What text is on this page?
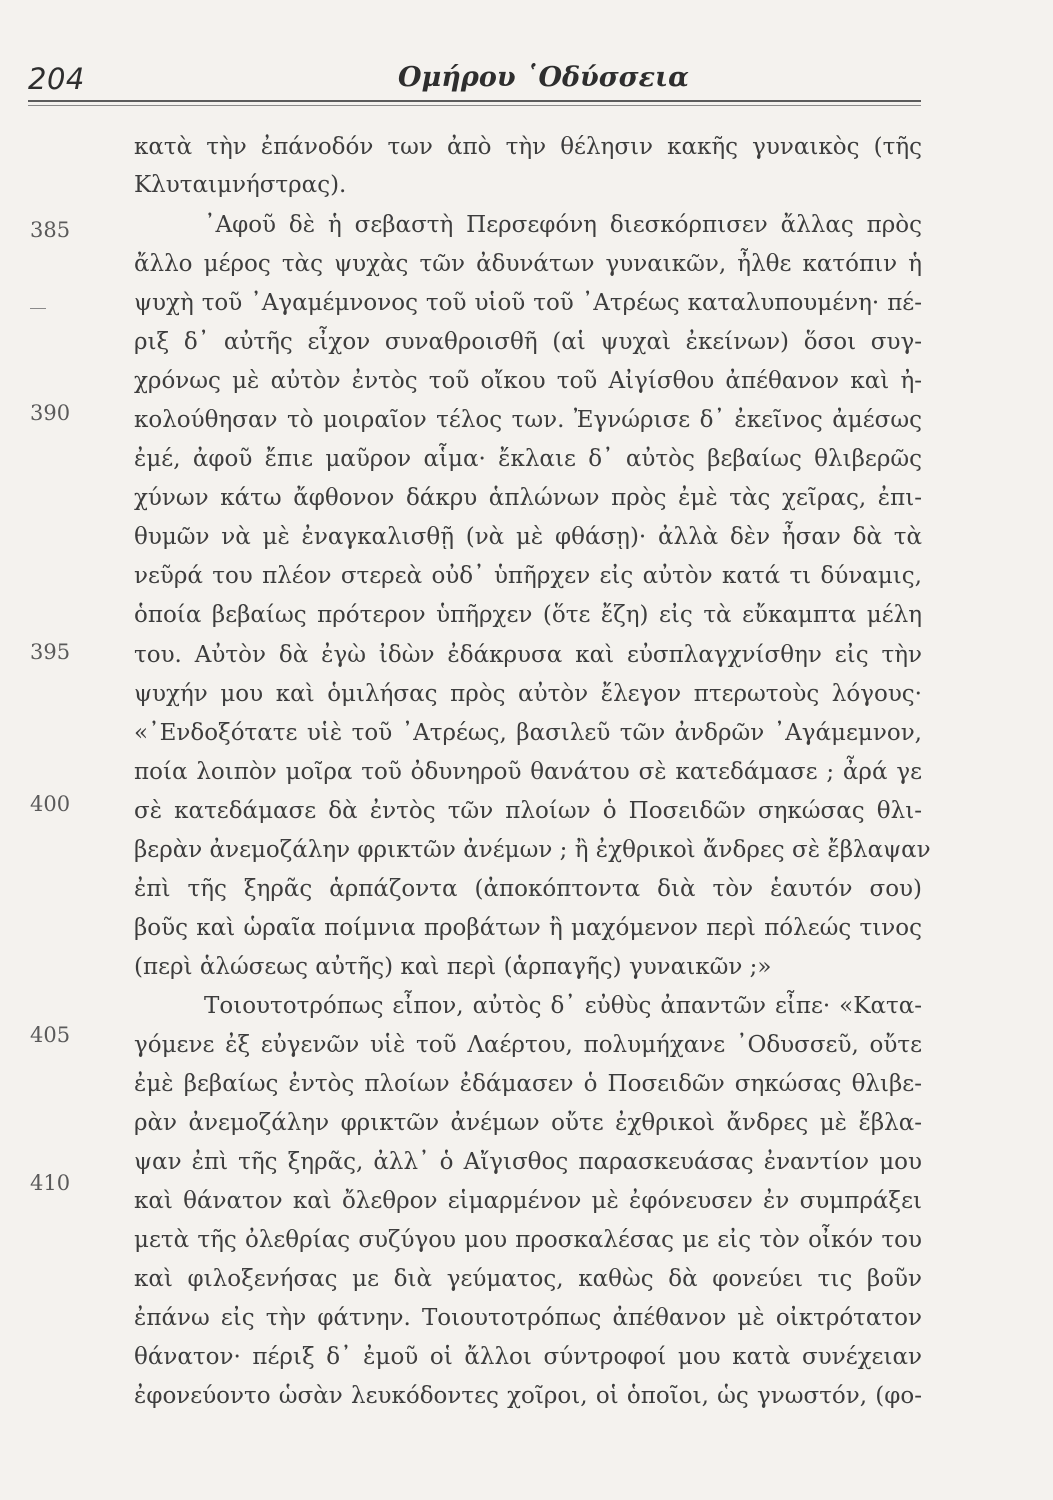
204	Ομήρου ῾Οδύσσεια
385
390
395
400
405
410
κατὰ τὴν ἐπάνοδόν των ἀπὸ τὴν θέλησιν κακῆς γυναικὸς (τῆς
Κλυταιμνήστρας).
᾿Αφοῦ δὲ ἡ σεβαστὴ Περσεφόνη διεσκόρπισεν ἄλλας πρὸς
ἄλλο μέρος τὰς ψυχὰς τῶν ἀδυνάτων γυναικῶν, ἦλθε κατόπιν ἡ
ψυχὴ τοῦ ᾿Αγαμέμνονος τοῦ υἱοῦ τοῦ ᾿Ατρέως καταλυπουμένη· πέ-
ριξ δ᾿ αὐτῆς εἶχον συναθροισθῆ (αἱ ψυχαὶ ἐκείνων) ὅσοι συγ-
χρόνως μὲ αὐτὸν ἐντὸς τοῦ οἴκου τοῦ Αἰγίσθου ἀπέθανον καὶ ἠ-
κολούθησαν τὸ μοιραῖον τέλος των. Ἐγνώρισε δ᾿ ἐκεῖνος ἀμέσως
ἐμέ, ἀφοῦ ἔπιε μαῦρον αἷμα· ἔκλαιε δ᾿ αὐτὸς βεβαίως θλιβερῶς
χύνων κάτω ἄφθονον δάκρυ ἁπλώνων πρὸς ἐμὲ τὰς χεῖρας, ἐπι-
θυμῶν νὰ μὲ ἐναγκαλισθῇ (νὰ μὲ φθάσῃ)· ἀλλὰ δὲν ἦσαν δὰ τὰ
νεῦρά του πλέον στερεὰ οὐδ᾿ ὑπῆρχεν εἰς αὐτὸν κατά τι δύναμις,
ὁποία βεβαίως πρότερον ὑπῆρχεν (ὅτε ἔζη) εἰς τὰ εὔκαμπτα μέλη
του. Αὐτὸν δὰ ἐγὼ ἰδὼν ἐδάκρυσα καὶ εὐσπλαγχνίσθην εἰς τὴν
ψυχήν μου καὶ ὁμιλήσας πρὸς αὐτὸν ἔλεγον πτερωτοὺς λόγους·
«᾿Ενδοξότατε υἱὲ τοῦ ᾿Ατρέως, βασιλεῦ τῶν ἀνδρῶν ᾿Αγάμεμνον,
ποία λοιπὸν μοῖρα τοῦ ὀδυνηροῦ θανάτου σὲ κατεδάμασε ; ἆρά γε
σὲ κατεδάμασε δὰ ἐντὸς τῶν πλοίων ὁ Ποσειδῶν σηκώσας θλι-
βερὰν ἀνεμοζάλην φρικτῶν ἀνέμων ; ἢ ἐχθρικοὶ ἄνδρες σὲ ἔβλαψαν
ἐπὶ τῆς ξηρᾶς ἁρπάζοντα (ἀποκόπτοντα διὰ τὸν ἑαυτόν σου)
βοῦς καὶ ὡραῖα ποίμνια προβάτων ἢ μαχόμενον περὶ πόλεώς τινος
(περὶ ἁλώσεως αὐτῆς) καὶ περὶ (ἁρπαγῆς) γυναικῶν ;»
Τοιουτοτρόπως εἶπον, αὐτὸς δ᾿ εὐθὺς ἀπαντῶν εἶπε· «Κατα-
γόμενε ἐξ εὐγενῶν υἱὲ τοῦ Λαέρτου, πολυμήχανε ᾿Οδυσσεῦ, οὔτε
ἐμὲ βεβαίως ἐντὸς πλοίων ἐδάμασεν ὁ Ποσειδῶν σηκώσας θλιβε-
ρὰν ἀνεμοζάλην φρικτῶν ἀνέμων οὔτε ἐχθρικοὶ ἄνδρες μὲ ἔβλα-
ψαν ἐπὶ τῆς ξηρᾶς, ἀλλ᾿ ὁ Αἴγισθος παρασκευάσας ἐναντίον μου
καὶ θάνατον καὶ ὄλεθρον εἱμαρμένον μὲ ἐφόνευσεν ἐν συμπράξει
μετὰ τῆς ὀλεθρίας συζύγου μου προσκαλέσας με εἰς τὸν οἶκόν του
καὶ φιλοξενήσας με διὰ γεύματος, καθὼς δὰ φονεύει τις βοῦν
ἐπάνω εἰς τὴν φάτνην. Τοιουτοτρόπως ἀπέθανον μὲ οἰκτρότατον
θάνατον· πέριξ δ᾿ ἐμοῦ οἱ ἄλλοι σύντροφοί μου κατὰ συνέχειαν
ἐφονεύοντο ὡσὰν λευκόδοντες χοῖροι, οἱ ὁποῖοι, ὡς γνωστόν, (φο-
